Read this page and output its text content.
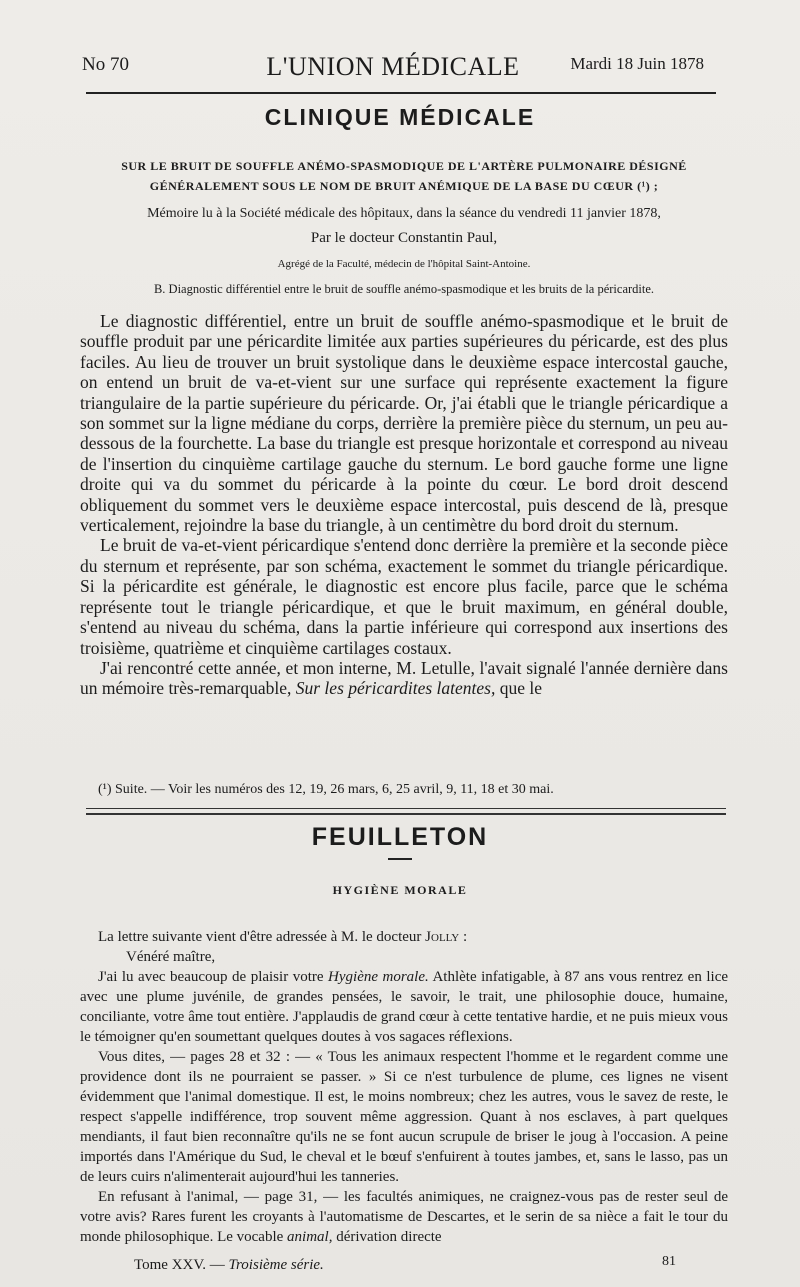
No 70	L'UNION MÉDICALE	Mardi 18 Juin 1878
CLINIQUE MÉDICALE
SUR LE BRUIT DE SOUFFLE ANÉMO-SPASMODIQUE DE L'ARTÈRE PULMONAIRE DÉSIGNÉ
GÉNÉRALEMENT SOUS LE NOM DE BRUIT ANÉMIQUE DE LA BASE DU CŒUR (¹) ;
Mémoire lu à la Société médicale des hôpitaux, dans la séance du vendredi 11 janvier 1878,
Par le docteur Constantin Paul,
Agrégé de la Faculté, médecin de l'hôpital Saint-Antoine.
B. Diagnostic différentiel entre le bruit de souffle anémo-spasmodique et les bruits de la péricardite.

Le diagnostic différentiel, entre un bruit de souffle anémo-spasmodique et le bruit de souffle produit par une péricardite limitée aux parties supérieures du péricarde, est des plus faciles. Au lieu de trouver un bruit systolique dans le deuxième espace intercostal gauche, on entend un bruit de va-et-vient sur une surface qui représente exactement la figure triangulaire de la partie supérieure du péricarde. Or, j'ai établi que le triangle péricardique a son sommet sur la ligne médiane du corps, derrière la première pièce du sternum, un peu au-dessous de la fourchette. La base du triangle est presque horizontale et correspond au niveau de l'insertion du cinquième cartilage gauche du sternum. Le bord gauche forme une ligne droite qui va du sommet du péricarde à la pointe du cœur. Le bord droit descend obliquement du sommet vers le deuxième espace intercostal, puis descend de là, presque verticalement, rejoindre la base du triangle, à un centimètre du bord droit du sternum.

Le bruit de va-et-vient péricardique s'entend donc derrière la première et la seconde pièce du sternum et représente, par son schéma, exactement le sommet du triangle péricardique. Si la péricardite est générale, le diagnostic est encore plus facile, parce que le schéma représente tout le triangle péricardique, et que le bruit maximum, en général double, s'entend au niveau du schéma, dans la partie inférieure qui correspond aux insertions des troisième, quatrième et cinquième cartilages costaux.

J'ai rencontré cette année, et mon interne, M. Letulle, l'avait signalé l'année dernière dans un mémoire très-remarquable, Sur les péricardites latentes, que le

(¹) Suite. — Voir les numéros des 12, 19, 26 mars, 6, 25 avril, 9, 11, 18 et 30 mai.
FEUILLETON
HYGIÈNE MORALE

La lettre suivante vient d'être adressée à M. le docteur Jolly :

Vénéré maître,

J'ai lu avec beaucoup de plaisir votre Hygiène morale. Athlète infatigable, à 87 ans vous rentrez en lice avec une plume juvénile, de grandes pensées, le savoir, le trait, une philosophie douce, humaine, conciliante, votre âme tout entière. J'applaudis de grand cœur à cette tentative hardie, et ne puis mieux vous le témoigner qu'en soumettant quelques doutes à vos sagaces réflexions.

Vous dites, — pages 28 et 32 : — « Tous les animaux respectent l'homme et le regardent comme une providence dont ils ne pourraient se passer. » Si ce n'est turbulence de plume, ces lignes ne visent évidemment que l'animal domestique. Il est, le moins nombreux; chez les autres, vous le savez de reste, le respect s'appelle indifférence, trop souvent même aggression. Quant à nos esclaves, à part quelques mendiants, il faut bien reconnaître qu'ils ne se font aucun scrupule de briser le joug à l'occasion. A peine importés dans l'Amérique du Sud, le cheval et le bœuf s'enfuirent à toutes jambes, et, sans le lasso, pas un de leurs cuirs n'alimenterait aujourd'hui les tanneries.

En refusant à l'animal, — page 31, — les facultés animiques, ne craignez-vous pas de rester seul de votre avis? Rares furent les croyants à l'automatisme de Descartes, et le serin de sa nièce a fait le tour du monde philosophique. Le vocable animal, dérivation directe

Tome XXV. — Troisième série.	81
